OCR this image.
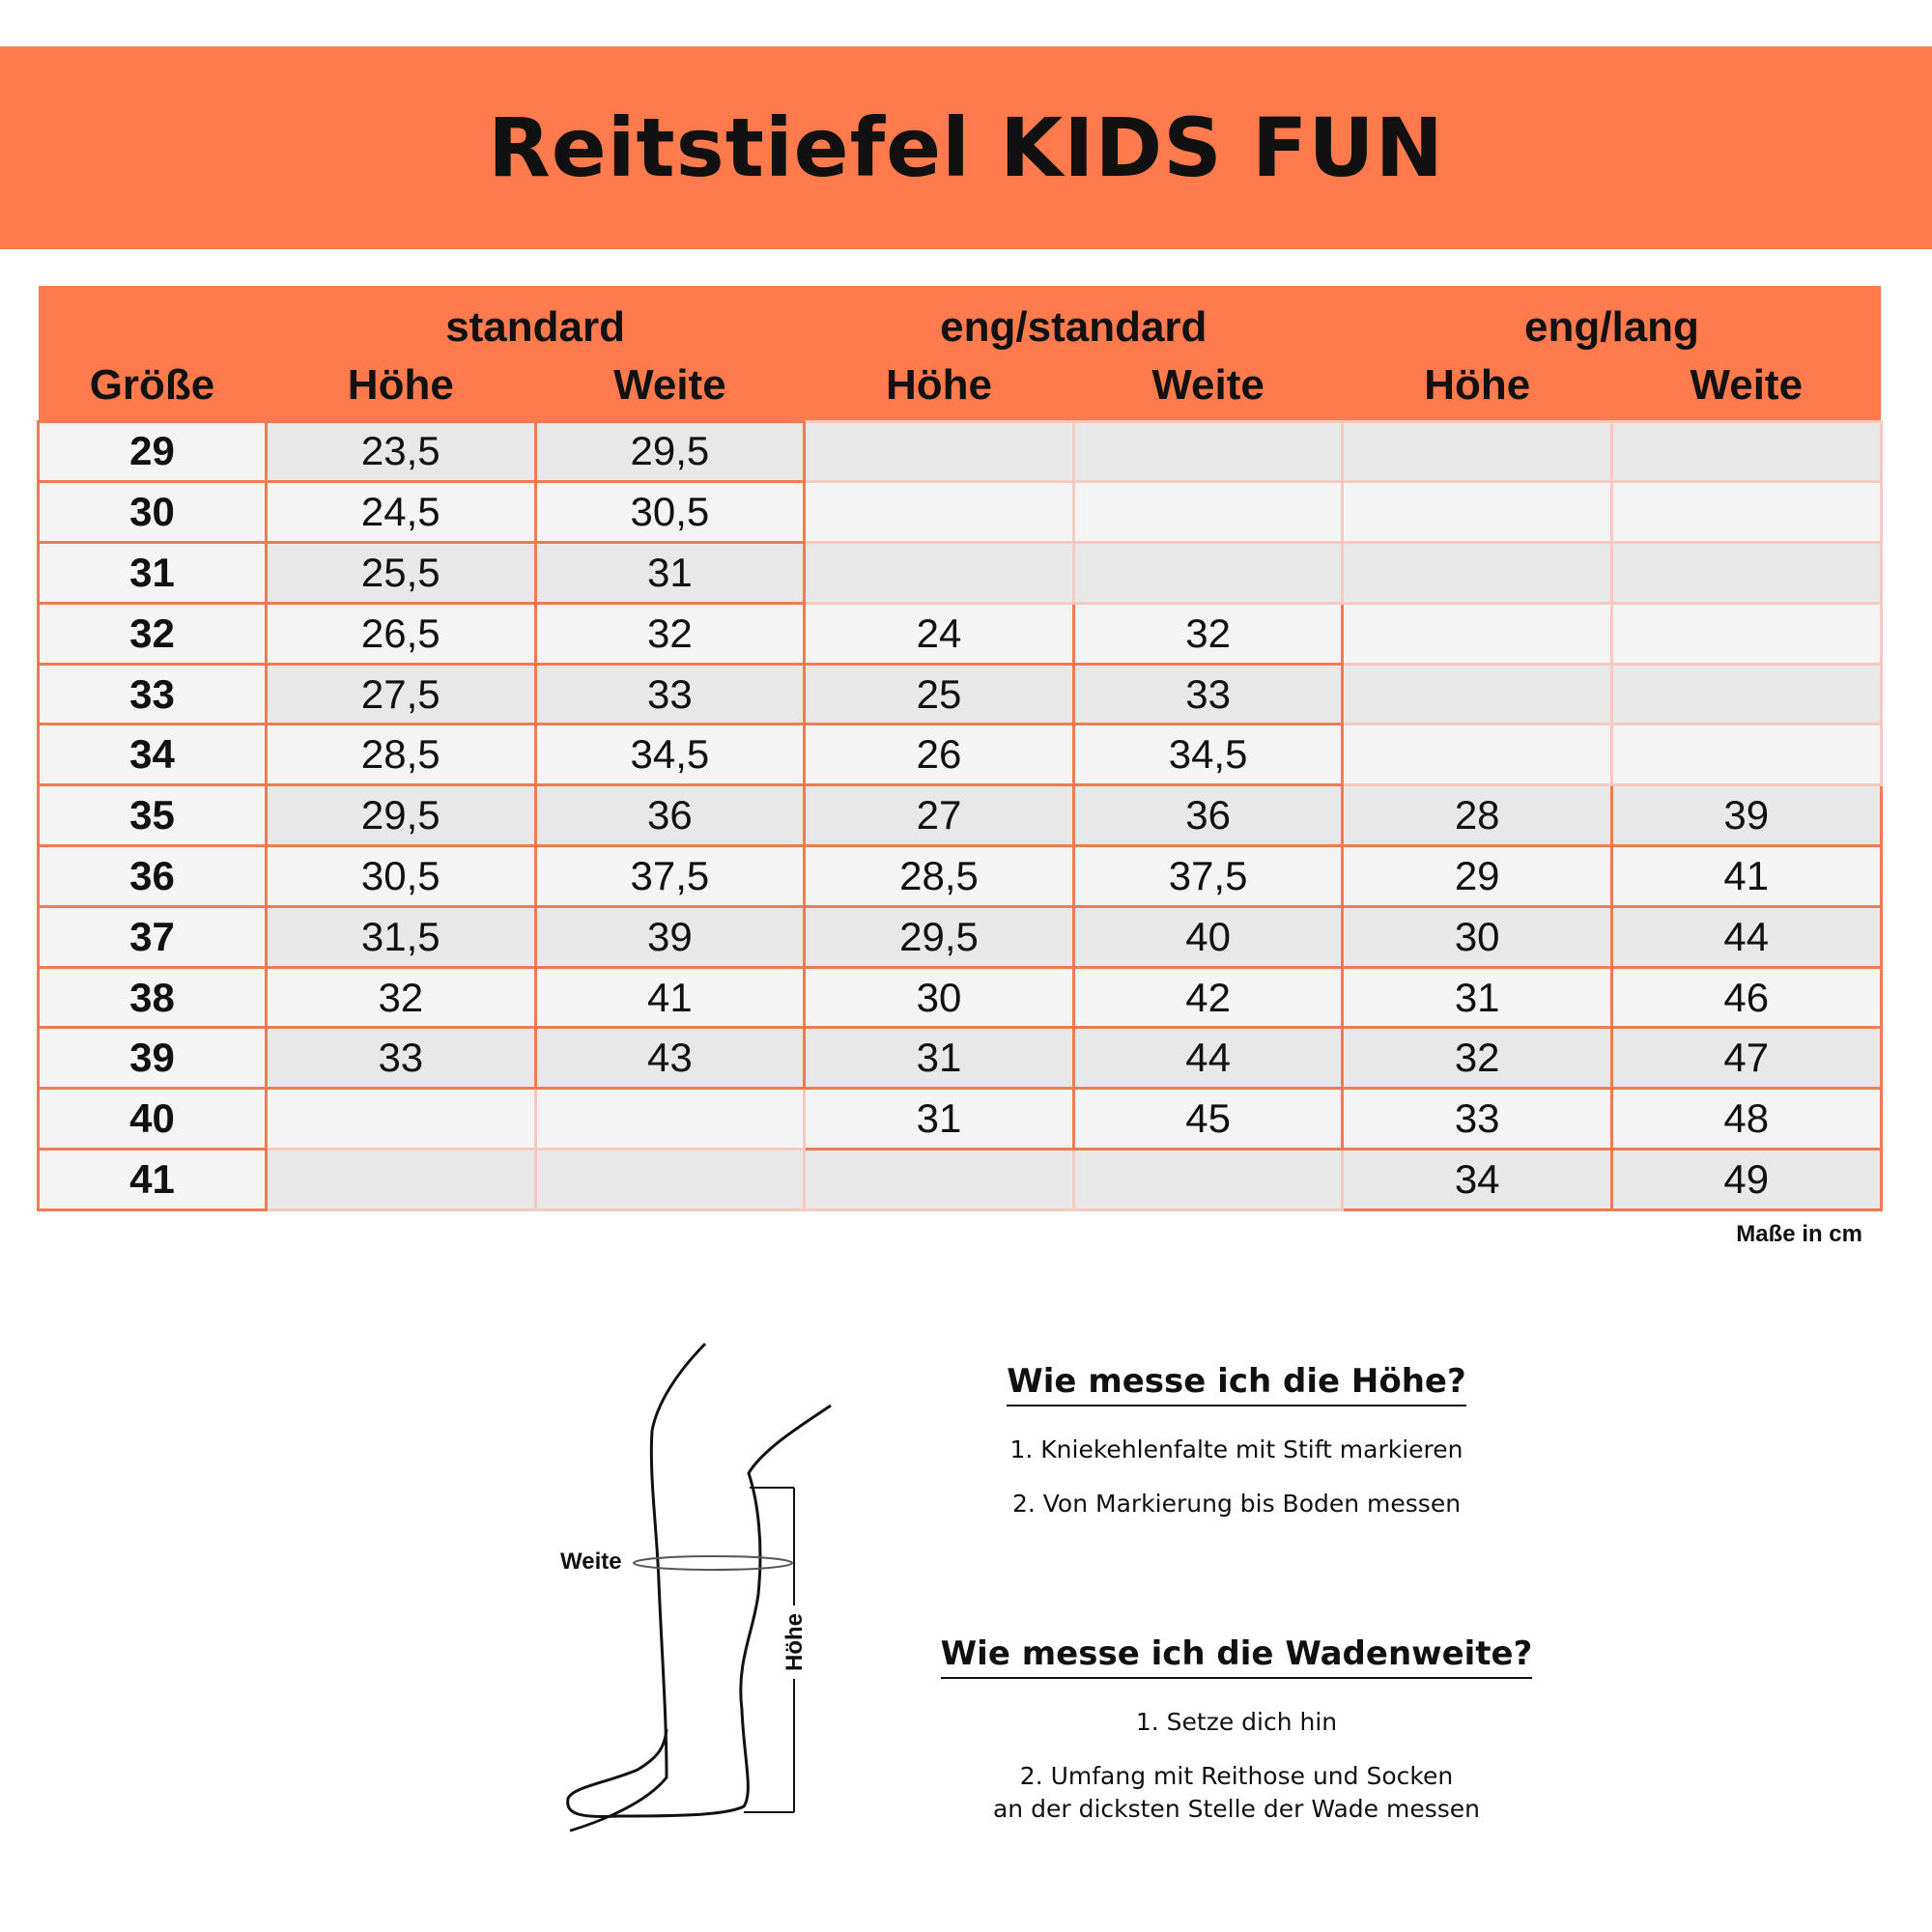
Reitstiefel KIDS FUN
	standard		eng/standard		eng/lang	
Größe	Höhe	Weite	Höhe	Weite	Höhe	Weite
29	23,5	29,5				
30	24,5	30,5				
31	25,5	31				
32	26,5	32	24	32		
33	27,5	33	25	33		
34	28,5	34,5	26	34,5		
35	29,5	36	27	36	28	39
36	30,5	37,5	28,5	37,5	29	41
37	31,5	39	29,5	40	30	44
38	32	41	30	42	31	46
39	33	43	31	44	32	47
40			31	45	33	48
41					34	49
Maße in cm
Weite
Höhe
Wie messe ich die Höhe?

1. Kniekehlenfalte mit Stift markieren

2. Von Markierung bis Boden messen

Wie messe ich die Wadenweite?

1. Setze dich hin

2. Umfang mit Reithose und Socken
an der dicksten Stelle der Wade messen
